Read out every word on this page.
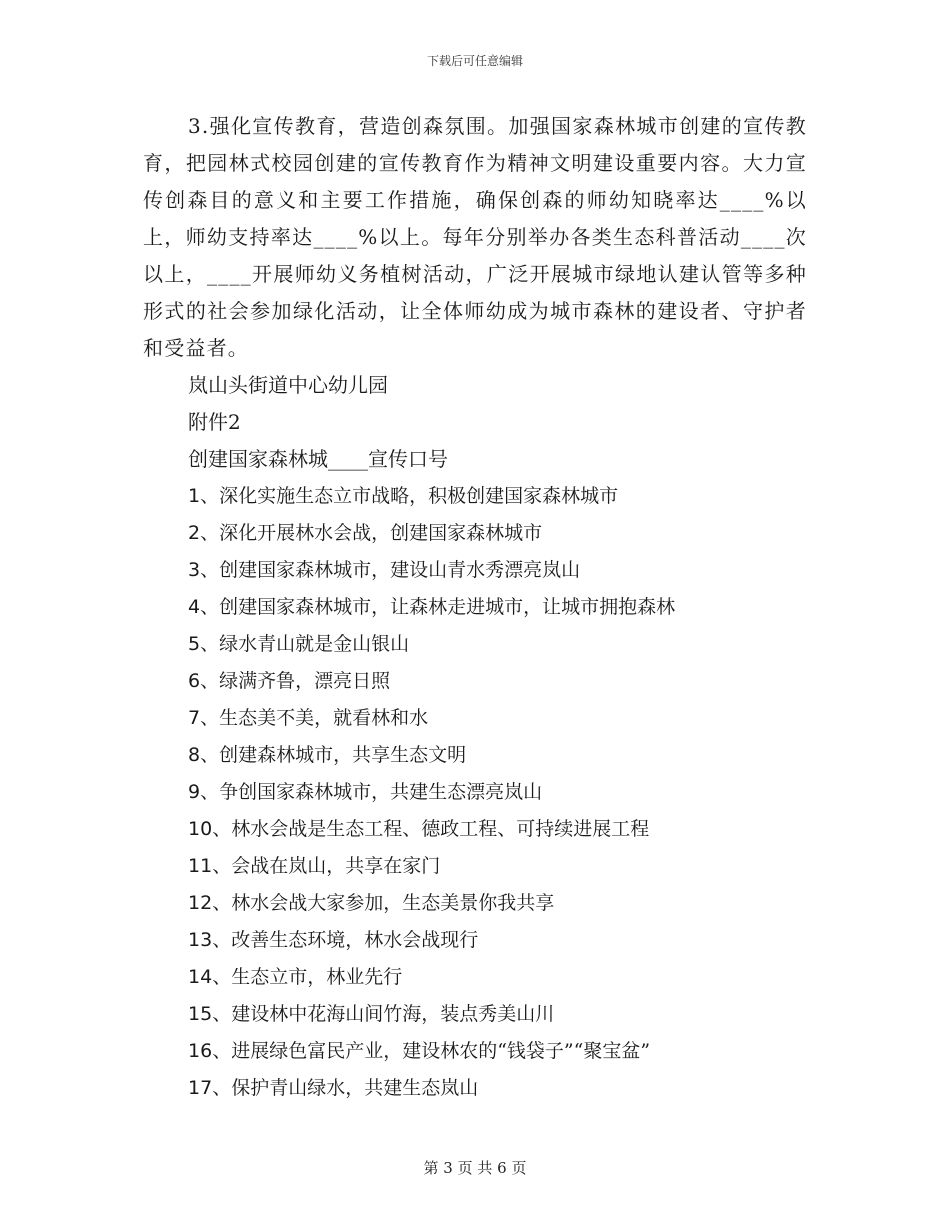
下载后可任意编辑

3.强化宣传教育，营造创森氛围。加强国家森林城市创建的宣传教育，把园林式校园创建的宣传教育作为精神文明建设重要内容。大力宣传创森目的意义和主要工作措施，确保创森的师幼知晓率达____%以上，师幼支持率达____%以上。每年分别举办各类生态科普活动____次以上，____开展师幼义务植树活动，广泛开展城市绿地认建认管等多种形式的社会参加绿化活动，让全体师幼成为城市森林的建设者、守护者和受益者。

岚山头街道中心幼儿园
附件2
创建国家森林城____宣传口号
1、深化实施生态立市战略，积极创建国家森林城市
2、深化开展林水会战，创建国家森林城市
3、创建国家森林城市，建设山青水秀漂亮岚山
4、创建国家森林城市，让森林走进城市，让城市拥抱森林
5、绿水青山就是金山银山
6、绿满齐鲁，漂亮日照
7、生态美不美，就看林和水
8、创建森林城市，共享生态文明
9、争创国家森林城市，共建生态漂亮岚山
10、林水会战是生态工程、德政工程、可持续进展工程
11、会战在岚山，共享在家门
12、林水会战大家参加，生态美景你我共享
13、改善生态环境，林水会战现行
14、生态立市，林业先行
15、建设林中花海山间竹海，装点秀美山川
16、进展绿色富民产业，建设林农的“钱袋子”“聚宝盆”
17、保护青山绿水，共建生态岚山
第 3 页 共 6 页
